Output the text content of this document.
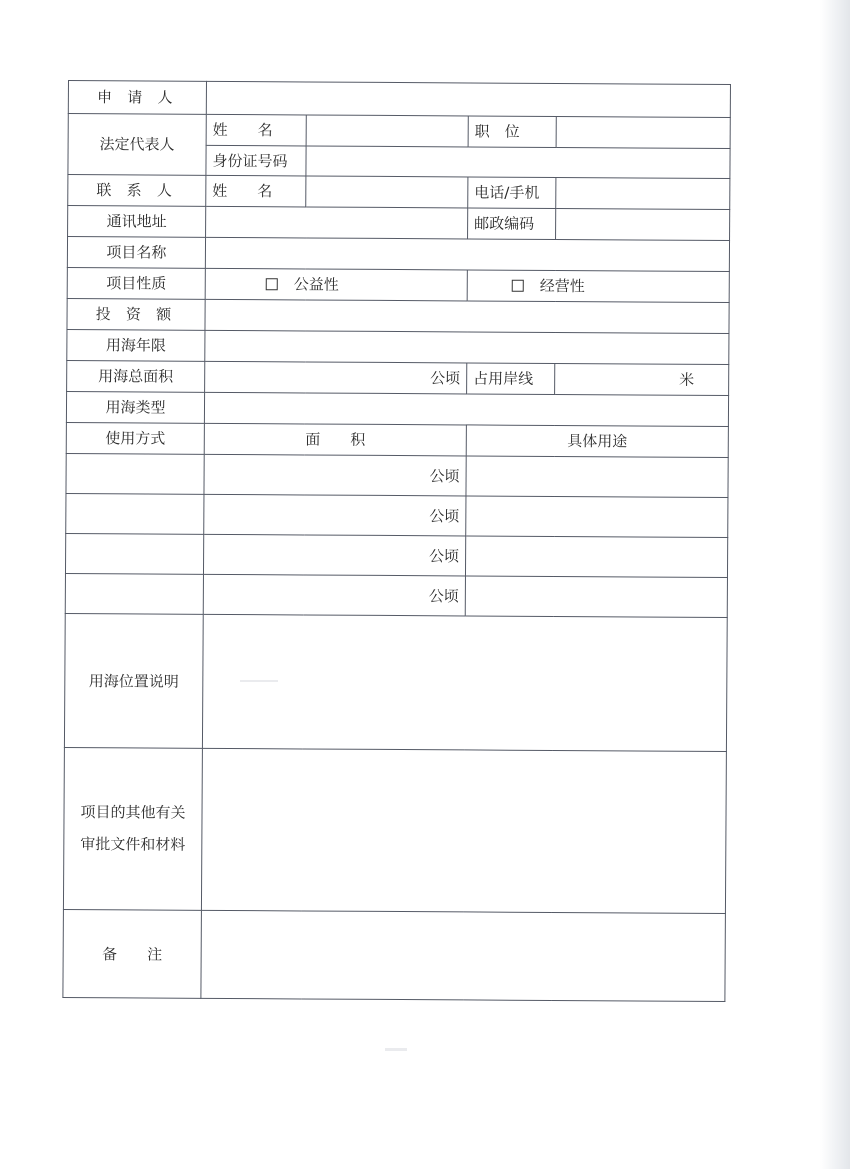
申 请 人				
法定代表人	姓　　名		职　位	
	身份证号码			
联 系 人	姓　　名		电话/手机	
通讯地址			邮政编码	
项目名称				
项目性质	公益性		经营性	
投 资 额				
用海年限				
用海总面积	公顷		占用岸线	米

用海类型				
使用方式	面　　积		具体用途	
	公顷			
	公顷			
	公顷			
	公顷			
用海位置说明				

项目的其他有关
审批文件和材料				

备　　注				
